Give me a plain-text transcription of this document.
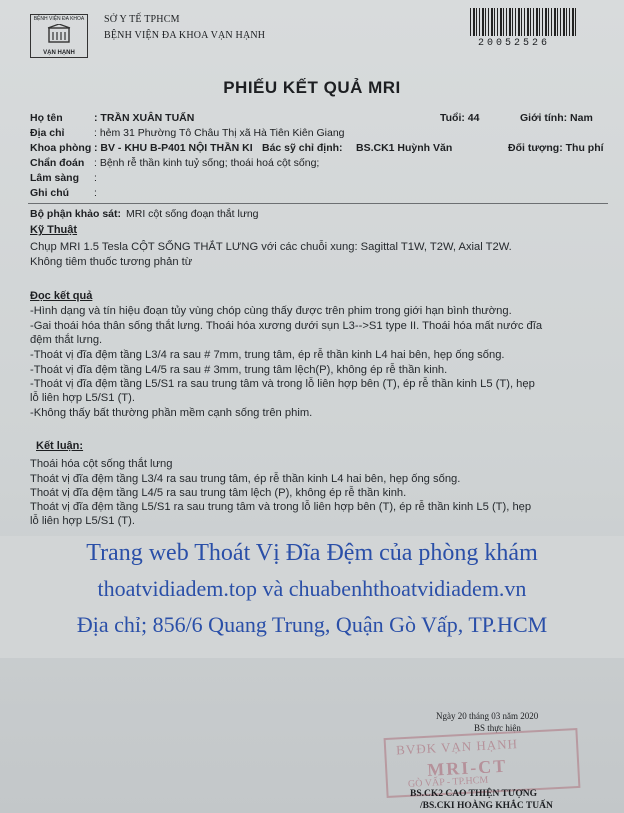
BỆNH VIỆN ĐA KHOA
VẠN HẠNH
SỞ Y TẾ TPHCM
BỆNH VIỆN ĐA KHOA VẠN HẠNH
20052526
PHIẾU KẾT QUẢ MRI
Họ tên	: TRẦN XUÂN TUẤN	Tuổi: 44	Giới tính: Nam
Địa chỉ	: hẻm 31 Phường Tô Châu Thị xã Hà Tiên Kiên Giang
Khoa phòng : BV - KHU B-P401 NỘI THẦN KI Bác sỹ chỉ định: BS.CK1 Huỳnh Văn	Đối tượng: Thu phí
Chẩn đoán : Bệnh rễ thần kinh tuỷ sống; thoái hoá cột sống;
Lâm sàng :
Ghi chú :
Bộ phận khảo sát: MRI cột sống đoạn thắt lưng
Kỹ Thuật
Chụp MRI 1.5 Tesla CỘT SỐNG THẮT LƯNG với các chuỗi xung: Sagittal T1W, T2W, Axial T2W.
Không tiêm thuốc tương phản từ
Đọc kết quả
-Hình dạng và tín hiệu đoạn tủy vùng chóp cùng thấy được trên phim trong giới hạn bình thường.
-Gai thoái hóa thân sống thắt lưng. Thoái hóa xương dưới sụn L3-->S1 type II. Thoái hóa mất nước đĩa
đệm thắt lưng.
-Thoát vị đĩa đệm tầng L3/4 ra sau # 7mm, trung tâm, ép rễ thần kinh L4 hai bên, hẹp ống sống.
-Thoát vị đĩa đệm tầng L4/5 ra sau # 3mm, trung tâm lệch(P), không ép rễ thần kinh.
-Thoát vị đĩa đệm tầng L5/S1 ra sau trung tâm và trong lỗ liên hợp bên (T), ép rễ thần kinh L5 (T), hẹp
lỗ liên hợp L5/S1 (T).
-Không thấy bất thường phần mềm cạnh sống trên phim.
Kết luận:
Thoái hóa cột sống thắt lưng
Thoát vị đĩa đệm tầng L3/4 ra sau trung tâm, ép rễ thần kinh L4 hai bên, hẹp ống sống.
Thoát vị đĩa đệm tầng L4/5 ra sau trung tâm lệch (P), không ép rễ thần kinh.
Thoát vị đĩa đệm tầng L5/S1 ra sau trung tâm và trong lỗ liên hợp bên (T), ép rễ thần kinh L5 (T), hẹp
lỗ liên hợp L5/S1 (T).
Trang web Thoát Vị Đĩa Đệm của phòng khám
thoatvidiadem.top và chuabenhthoatvidiadem.vn
Địa chỉ; 856/6 Quang Trung, Quận Gò Vấp, TP.HCM
Ngày 20 tháng 03 năm 2020
BS thực hiện
BVĐK VẠN HẠNH
MRI-CT
GÒ VẤP - TP.HCM
BS.CK2 CAO THIỆN TƯỢNG
/BS.CKI HOÀNG KHẮC TUẤN
